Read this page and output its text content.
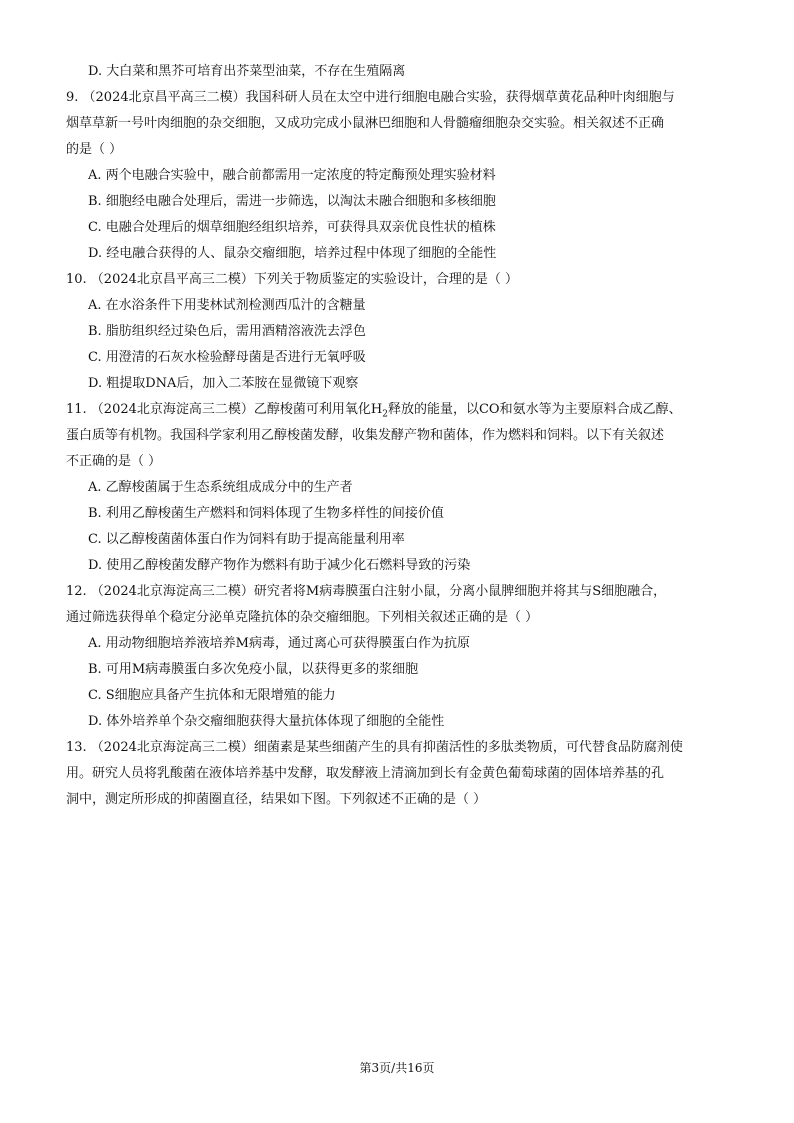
D. 大白菜和黑芥可培育出芥菜型油菜，不存在生殖隔离
9. （2024北京昌平高三二模）我国科研人员在太空中进行细胞电融合实验，获得烟草黄花品种叶肉细胞与
烟草草新一号叶肉细胞的杂交细胞，又成功完成小鼠淋巴细胞和人骨髓瘤细胞杂交实验。相关叙述不正确
的是（ ）
A. 两个电融合实验中，融合前都需用一定浓度的特定酶预处理实验材料
B. 细胞经电融合处理后，需进一步筛选，以淘汰未融合细胞和多核细胞
C. 电融合处理后的烟草细胞经组织培养，可获得具双亲优良性状的植株
D. 经电融合获得的人、鼠杂交瘤细胞，培养过程中体现了细胞的全能性
10. （2024北京昌平高三二模）下列关于物质鉴定的实验设计，合理的是（ ）
A. 在水浴条件下用斐林试剂检测西瓜汁的含糖量
B. 脂肪组织经过染色后，需用酒精溶液洗去浮色
C. 用澄清的石灰水检验酵母菌是否进行无氧呼吸
D. 粗提取DNA后，加入二苯胺在显微镜下观察
11. （2024北京海淀高三二模）乙醇梭菌可利用氧化$H_2$释放的能量，以CO和氨水等为主要原料合成乙醇、
蛋白质等有机物。我国科学家利用乙醇梭菌发酵，收集发酵产物和菌体，作为燃料和饲料。以下有关叙述
不正确的是（ ）
A. 乙醇梭菌属于生态系统组成成分中的生产者
B. 利用乙醇梭菌生产燃料和饲料体现了生物多样性的间接价值
C. 以乙醇梭菌菌体蛋白作为饲料有助于提高能量利用率
D. 使用乙醇梭菌发酵产物作为燃料有助于减少化石燃料导致的污染
12. （2024北京海淀高三二模）研究者将M病毒膜蛋白注射小鼠，分离小鼠脾细胞并将其与S细胞融合，
通过筛选获得单个稳定分泌单克隆抗体的杂交瘤细胞。下列相关叙述正确的是（ ）
A. 用动物细胞培养液培养M病毒，通过离心可获得膜蛋白作为抗原
B. 可用M病毒膜蛋白多次免疫小鼠，以获得更多的浆细胞
C. S细胞应具备产生抗体和无限增殖的能力
D. 体外培养单个杂交瘤细胞获得大量抗体体现了细胞的全能性
13. （2024北京海淀高三二模）细菌素是某些细菌产生的具有抑菌活性的多肽类物质，可代替食品防腐剂使
用。研究人员将乳酸菌在液体培养基中发酵，取发酵液上清滴加到长有金黄色葡萄球菌的固体培养基的孔
洞中，测定所形成的抑菌圈直径，结果如下图。下列叙述不正确的是（ ）
第3页/共16页
